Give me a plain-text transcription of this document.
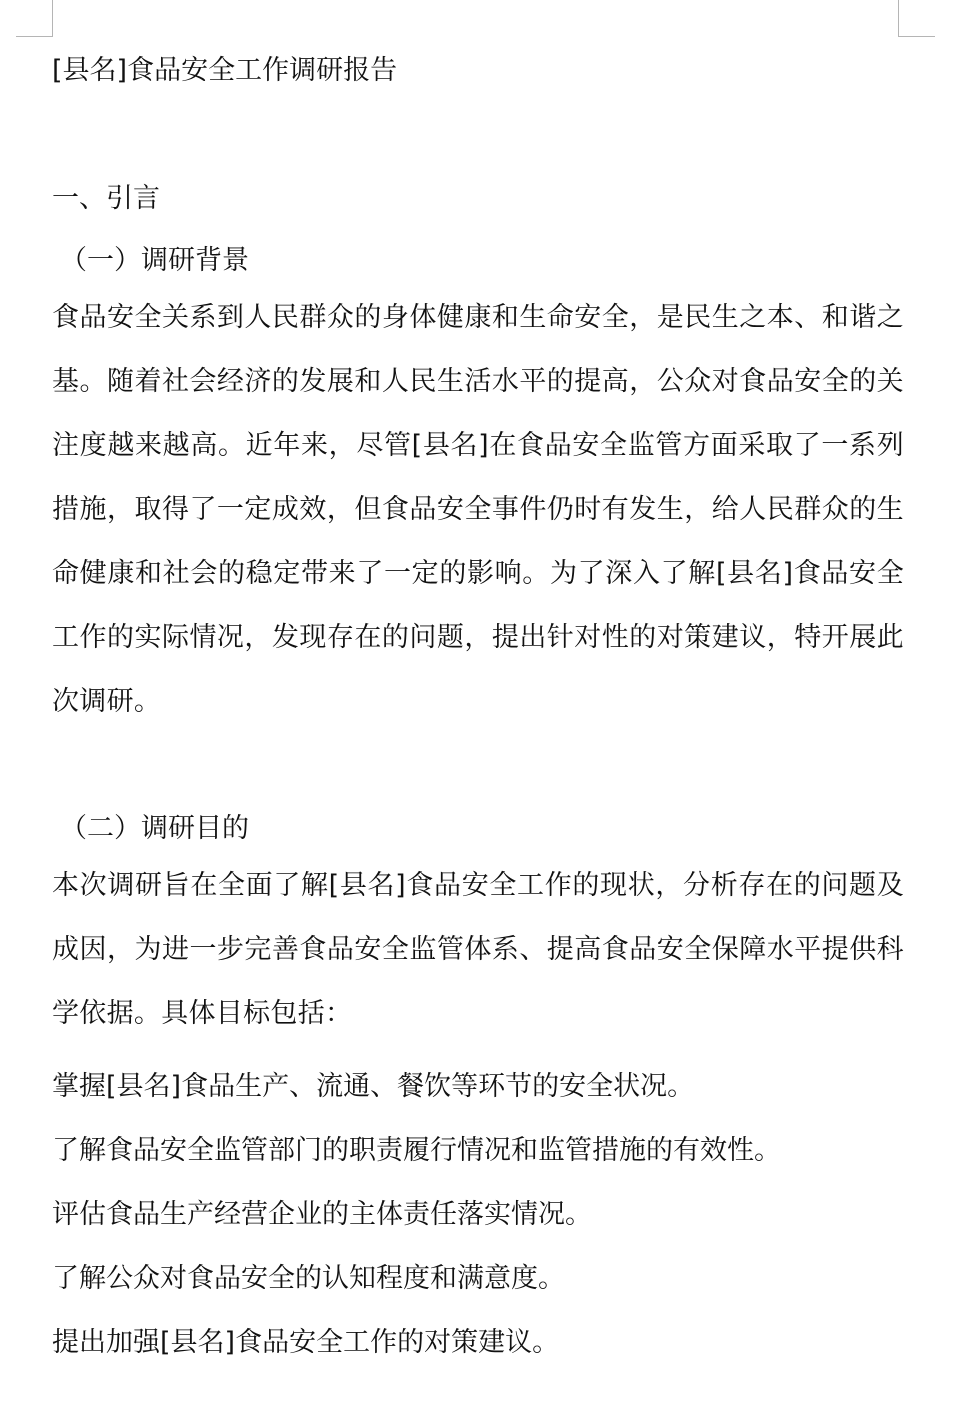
[县名]食品安全工作调研报告
一、引言
（一）调研背景

食品安全关系到人民群众的身体健康和生命安全，是民生之本、和谐之基。随着社会经济的发展和人民生活水平的提高，公众对食品安全的关注度越来越高。近年来，尽管[县名]在食品安全监管方面采取了一系列措施，取得了一定成效，但食品安全事件仍时有发生，给人民群众的生命健康和社会的稳定带来了一定的影响。为了深入了解[县名]食品安全工作的实际情况，发现存在的问题，提出针对性的对策建议，特开展此次调研。

（二）调研目的

本次调研旨在全面了解[县名]食品安全工作的现状，分析存在的问题及成因，为进一步完善食品安全监管体系、提高食品安全保障水平提供科学依据。具体目标包括：

掌握[县名]食品生产、流通、餐饮等环节的安全状况。
了解食品安全监管部门的职责履行情况和监管措施的有效性。
评估食品生产经营企业的主体责任落实情况。
了解公众对食品安全的认知程度和满意度。
提出加强[县名]食品安全工作的对策建议。
